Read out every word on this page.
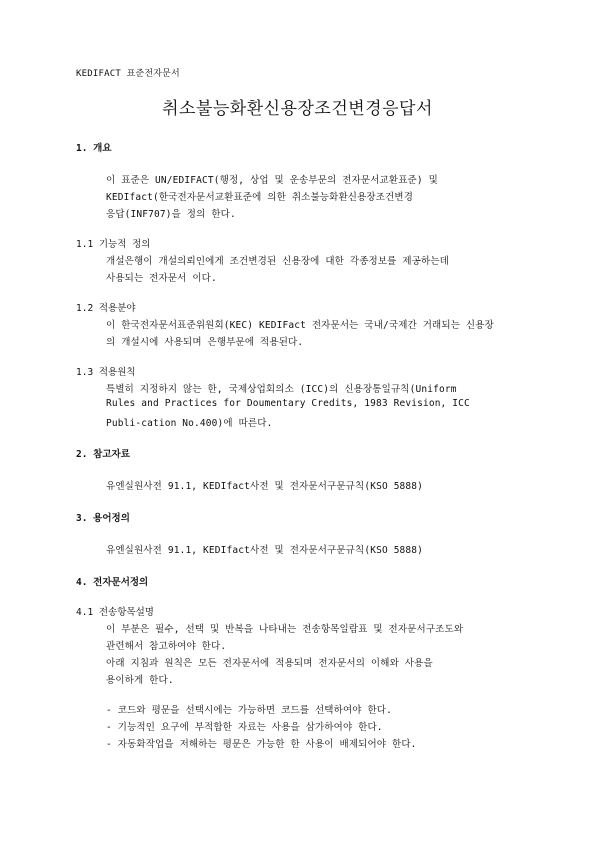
KEDIFACT 표준전자문서
취소불능화환신용장조건변경응답서
1. 개요
이 표준은 UN/EDIFACT(행정, 상업 및 운송부문의 전자문서교환표준) 및
KEDIfact(한국전자문서교환표준에 의한 취소불능화환신용장조건변경
응답(INF707)을 정의 한다.
1.1 기능적 정의
개설은행이 개설의뢰인에게 조건변경된 신용장에 대한 각종정보를 제공하는데
사용되는 전자문서 이다.
1.2 적용분야
이 한국전자문서표준위원회(KEC) KEDIFact 전자문서는 국내/국제간 거래되는 신용장
의 개설시에 사용되며 은행부문에 적용된다.
1.3 적용원칙
특별히 지정하지 않는 한, 국제상업회의소 (ICC)의 신용장통일규칙(Uniform
Rules and Practices for Doumentary Credits, 1983 Revision, ICC
Publi-cation No.400)에 따른다.
2. 참고자료
유엔실원사전 91.1, KEDIfact사전 및 전자문서구문규칙(KSO 5888)
3. 용어정의
유엔실원사전 91.1, KEDIfact사전 및 전자문서구문규칙(KSO 5888)
4. 전자문서정의
4.1 전송항목설명
이 부분은 필수, 선택 및 반복을 나타내는 전송항목일람표 및 전자문서구조도와
관련해서 참고하여야 한다.
아래 지침과 원칙은 모든 전자문서에 적용되며 전자문서의 이해와 사용을
용이하게 한다.
- 코드와 평문을 선택시에는 가능하면 코드를 선택하여야 한다.
- 기능적인 요구에 부적합한 자료는 사용을 삼가하여야 한다.
- 자동화작업을 저해하는 평문은 가능한 한 사용이 배제되어야 한다.
